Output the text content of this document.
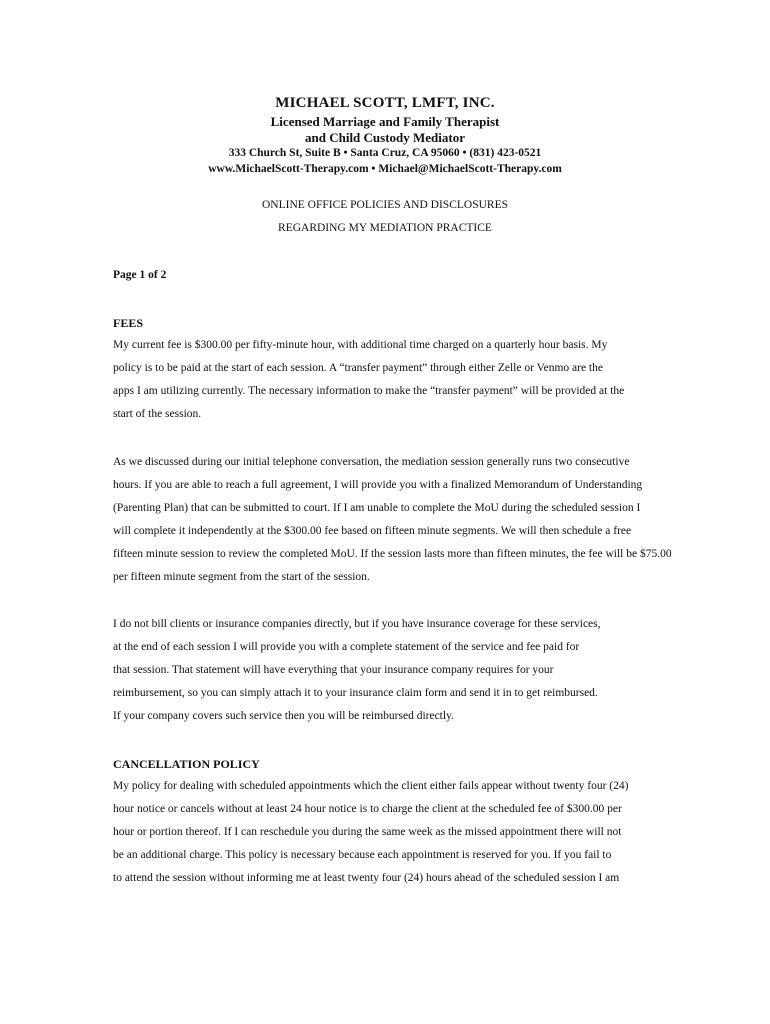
MICHAEL SCOTT, LMFT, INC.
Licensed Marriage and Family Therapist
and Child Custody Mediator
333 Church St, Suite B • Santa Cruz, CA 95060 • (831) 423-0521
www.MichaelScott-Therapy.com • Michael@MichaelScott-Therapy.com
ONLINE OFFICE POLICIES AND DISCLOSURES
REGARDING MY MEDIATION PRACTICE
Page 1 of 2
FEES
My current fee is $300.00 per fifty-minute hour, with additional time charged on a quarterly hour basis. My
policy is to be paid at the start of each session. A “transfer payment” through either Zelle or Venmo are the
apps I am utilizing currently. The necessary information to make the “transfer payment” will be provided at the
start of the session.
As we discussed during our initial telephone conversation, the mediation session generally runs two consecutive
hours. If you are able to reach a full agreement, I will provide you with a finalized Memorandum of Understanding
(Parenting Plan) that can be submitted to court. If I am unable to complete the MoU during the scheduled session I
will complete it independently at the $300.00 fee based on fifteen minute segments. We will then schedule a free
fifteen minute session to review the completed MoU. If the session lasts more than fifteen minutes, the fee will be $75.00
per fifteen minute segment from the start of the session.
I do not bill clients or insurance companies directly, but if you have insurance coverage for these services,
at the end of each session I will provide you with a complete statement of the service and fee paid for
that session. That statement will have everything that your insurance company requires for your
reimbursement, so you can simply attach it to your insurance claim form and send it in to get reimbursed.
If your company covers such service then you will be reimbursed directly.
CANCELLATION POLICY
My policy for dealing with scheduled appointments which the client either fails appear without twenty four (24)
hour notice or cancels without at least 24 hour notice is to charge the client at the scheduled fee of $300.00 per
hour or portion thereof. If I can reschedule you during the same week as the missed appointment there will not
be an additional charge. This policy is necessary because each appointment is reserved for you. If you fail to
to attend the session without informing me at least twenty four (24) hours ahead of the scheduled session I am
